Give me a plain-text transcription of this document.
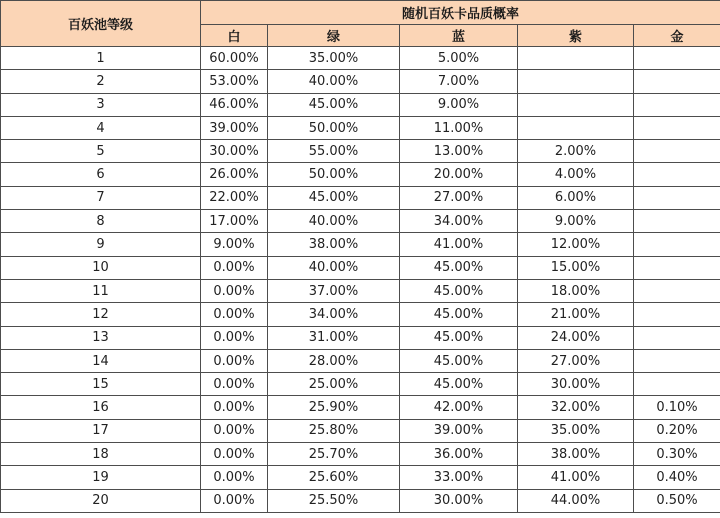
百妖池等级	随机百妖卡品质概率				
	白	绿	蓝	紫	金
1	60.00%	35.00%	5.00%		
2	53.00%	40.00%	7.00%		
3	46.00%	45.00%	9.00%		
4	39.00%	50.00%	11.00%		
5	30.00%	55.00%	13.00%	2.00%	
6	26.00%	50.00%	20.00%	4.00%	
7	22.00%	45.00%	27.00%	6.00%	
8	17.00%	40.00%	34.00%	9.00%	
9	9.00%	38.00%	41.00%	12.00%	
10	0.00%	40.00%	45.00%	15.00%	
11	0.00%	37.00%	45.00%	18.00%	
12	0.00%	34.00%	45.00%	21.00%	
13	0.00%	31.00%	45.00%	24.00%	
14	0.00%	28.00%	45.00%	27.00%	
15	0.00%	25.00%	45.00%	30.00%	
16	0.00%	25.90%	42.00%	32.00%	0.10%
17	0.00%	25.80%	39.00%	35.00%	0.20%
18	0.00%	25.70%	36.00%	38.00%	0.30%
19	0.00%	25.60%	33.00%	41.00%	0.40%
20	0.00%	25.50%	30.00%	44.00%	0.50%
